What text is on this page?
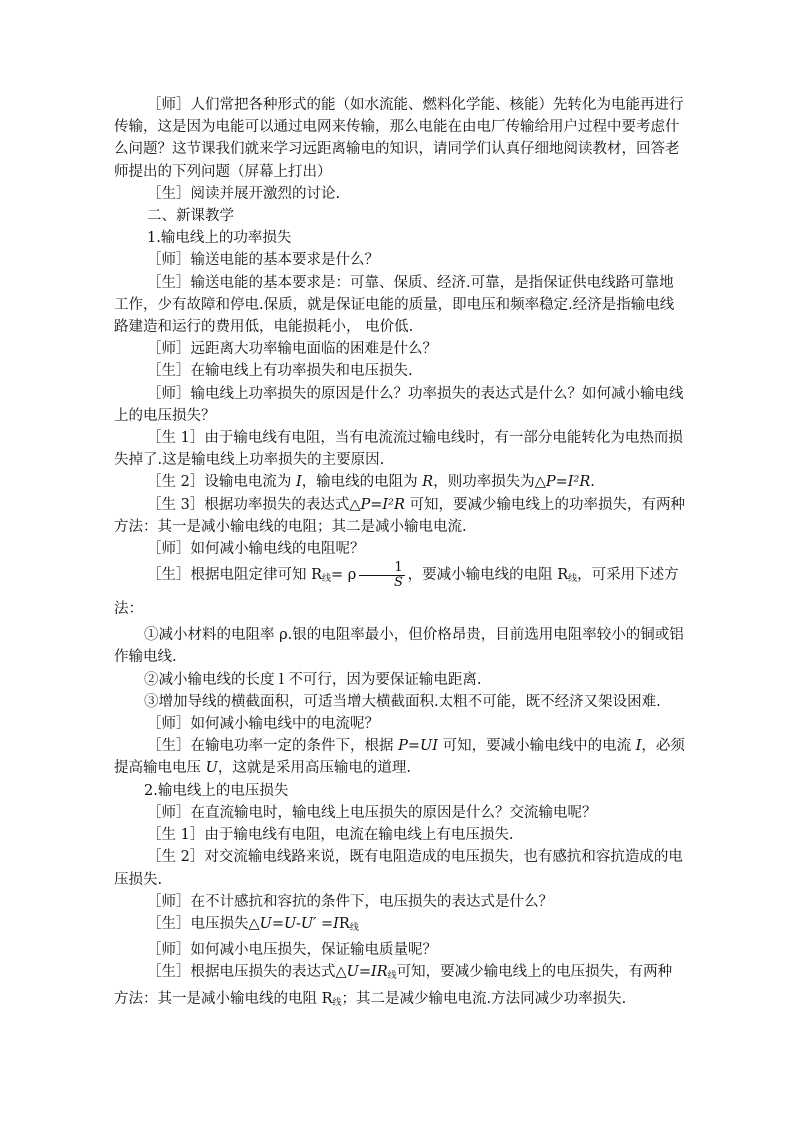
［师］人们常把各种形式的能（如水流能、燃料化学能、核能）先转化为电能再进行传输，这是因为电能可以通过电网来传输，那么电能在由电厂传输给用户过程中要考虑什么问题？这节课我们就来学习远距离输电的知识，请同学们认真仔细地阅读教材，回答老师提出的下列问题（屏幕上打出）

［生］阅读并展开激烈的讨论.

二、新课教学

1.输电线上的功率损失

［师］输送电能的基本要求是什么？

［生］输送电能的基本要求是：可靠、保质、经济.可靠，是指保证供电线路可靠地工作，少有故障和停电.保质，就是保证电能的质量，即电压和频率稳定.经济是指输电线路建造和运行的费用低，电能损耗小， 电价低.

［师］远距离大功率输电面临的困难是什么？

［生］在输电线上有功率损失和电压损失.

［师］输电线上功率损失的原因是什么？功率损失的表达式是什么？如何减小输电线上的电压损失？

［生 1］由于输电线有电阻，当有电流流过输电线时，有一部分电能转化为电热而损失掉了.这是输电线上功率损失的主要原因.

［生 2］设输电电流为 I，输电线的电阻为 R，则功率损失为△P=I²R.

［生 3］根据功率损失的表达式△P=I²R 可知，要减少输电线上的功率损失，有两种方法：其一是减小输电线的电阻；其二是减小输电电流.

［师］如何减小输电线的电阻呢？

［生］根据电阻定律可知 $R_线= \rho \frac{1}{S}$ ，要减小输电线的电阻 $R_线$，可采用下述方法：

①减小材料的电阻率 ρ.银的电阻率最小，但价格昂贵，目前选用电阻率较小的铜或铝作输电线.

②减小输电线的长度 l 不可行，因为要保证输电距离.

③增加导线的横截面积，可适当增大横截面积.太粗不可能，既不经济又架设困难.

［师］如何减小输电线中的电流呢？

［生］在输电功率一定的条件下，根据 P=UI 可知，要减小输电线中的电流 I，必须提高输电电压 U，这就是采用高压输电的道理.

2.输电线上的电压损失

［师］在直流输电时，输电线上电压损失的原因是什么？交流输电呢？

［生 1］由于输电线有电阻，电流在输电线上有电压损失.

［生 2］对交流输电线路来说，既有电阻造成的电压损失，也有感抗和容抗造成的电压损失.

［师］在不计感抗和容抗的条件下，电压损失的表达式是什么？

［生］电压损失△U=U-U′ $=IR_线$

［师］如何减小电压损失，保证输电质量呢？

［生］根据电压损失的表达式$\triangle U=IR_线$可知，要减少输电线上的电压损失，有两种方法：其一是减小输电线的电阻 $R_线$；其二是减少输电电流.方法同减少功率损失.
